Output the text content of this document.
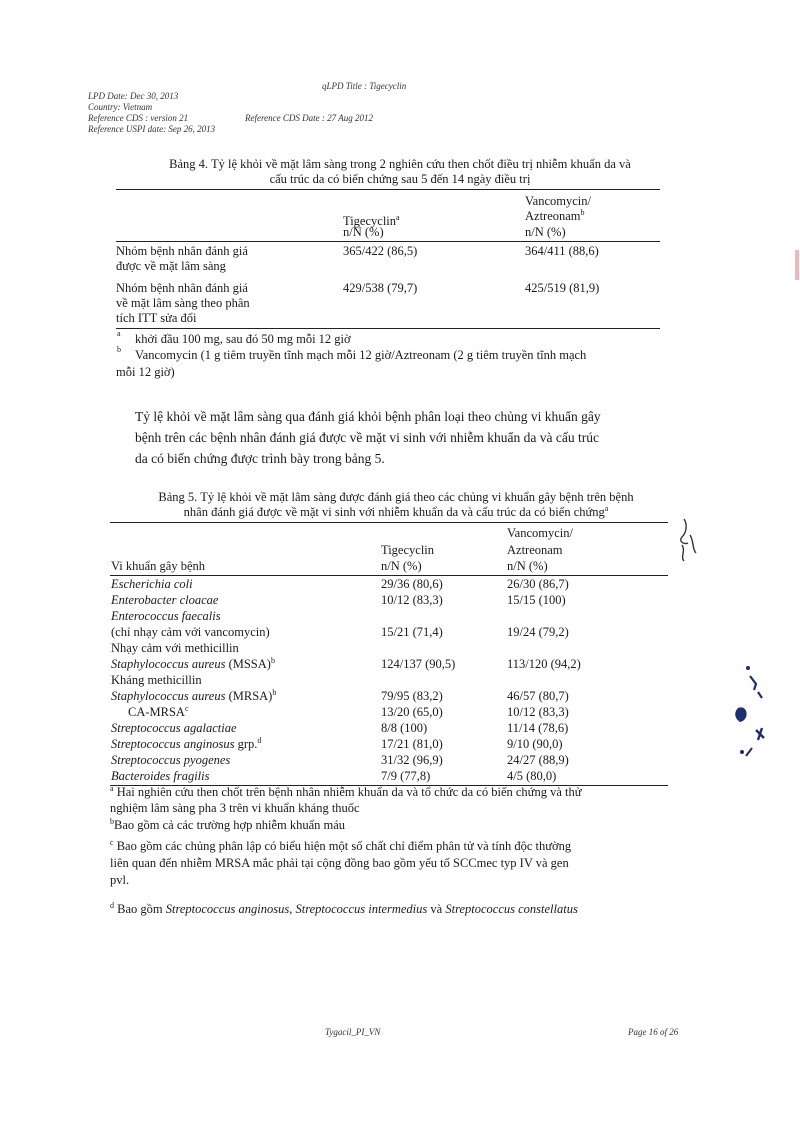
qLPD Title : Tigecyclin
LPD Date: Dec 30, 2013
Country: Vietnam
Reference CDS : version 21	Reference CDS Date : 27 Aug 2012
Reference USPI date: Sep 26, 2013
Bảng 4. Tỷ lệ khỏi về mặt lâm sàng trong 2 nghiên cứu then chốt điều trị nhiễm khuẩn da và
cấu trúc da có biến chứng sau 5 đến 14 ngày điều trị
Tigecyclin$^a$
Vancomycin/
Aztreonam$^b$
n/N (%)	n/N (%)
Nhóm bệnh nhân đánh giá
được về mặt lâm sàng
365/422 (86,5)	364/411 (88,6)
Nhóm bệnh nhân đánh giá
về mặt lâm sàng theo phân
tích ITT sửa đổi
429/538 (79,7)	425/519 (81,9)
a khởi đầu 100 mg, sau đó 50 mg mỗi 12 giờ
b Vancomycin (1 g tiêm truyền tĩnh mạch mỗi 12 giờ/Aztreonam (2 g tiêm truyền tĩnh mạch
mỗi 12 giờ)
Tỷ lệ khỏi về mặt lâm sàng qua đánh giá khỏi bệnh phân loại theo chủng vi khuẩn gây
bệnh trên các bệnh nhân đánh giá được về mặt vi sinh với nhiễm khuẩn da và cấu trúc
da có biến chứng được trình bày trong bảng 5.
Bảng 5. Tỷ lệ khỏi về mặt lâm sàng được đánh giá theo các chủng vi khuẩn gây bệnh trên bệnh
nhân đánh giá được về mặt vi sinh với nhiễm khuẩn da và cấu trúc da có biến chứng$^a$
Vancomycin/
Tigecyclin	Aztreonam
Vi khuẩn gây bệnh	n/N (%)	n/N (%)
Escherichia coli	29/36 (80,6)	26/30 (86,7)
Enterobacter cloacae	10/12 (83,3)	15/15 (100)
Enterococcus faecalis
(chỉ nhạy cảm với vancomycin)	15/21 (71,4)	19/24 (79,2)
Nhạy cảm với methicillin
Staphylococcus aureus (MSSA)$^b$	124/137 (90,5)	113/120 (94,2)
Kháng methicillin
Staphylococcus aureus (MRSA)$^b$	79/95 (83,2)	46/57 (80,7)
CA-MRSA$^c$	13/20 (65,0)	10/12 (83,3)
Streptococcus agalactiae	8/8 (100)	11/14 (78,6)
Streptococcus anginosus grp.$^d$	17/21 (81,0)	9/10 (90,0)
Streptococcus pyogenes	31/32 (96,9)	24/27 (88,9)
Bacteroides fragilis	7/9 (77,8)	4/5 (80,0)
$^a$ Hai nghiên cứu then chốt trên bệnh nhân nhiễm khuẩn da và tổ chức da có biến chứng và thử
nghiệm lâm sàng pha 3 trên vi khuẩn kháng thuốc
$^b$Bao gồm cả các trường hợp nhiễm khuẩn máu
$^c$ Bao gồm các chủng phân lập có biểu hiện một số chất chỉ điểm phân tử và tính độc thường
liên quan đến nhiễm MRSA mắc phải tại cộng đồng bao gồm yếu tố SCCmec typ IV và gen
pvl.
$^d$ Bao gồm Streptococcus anginosus, Streptococcus intermedius và Streptococcus constellatus
Tygacil_PI_VN	Page 16 of 26
